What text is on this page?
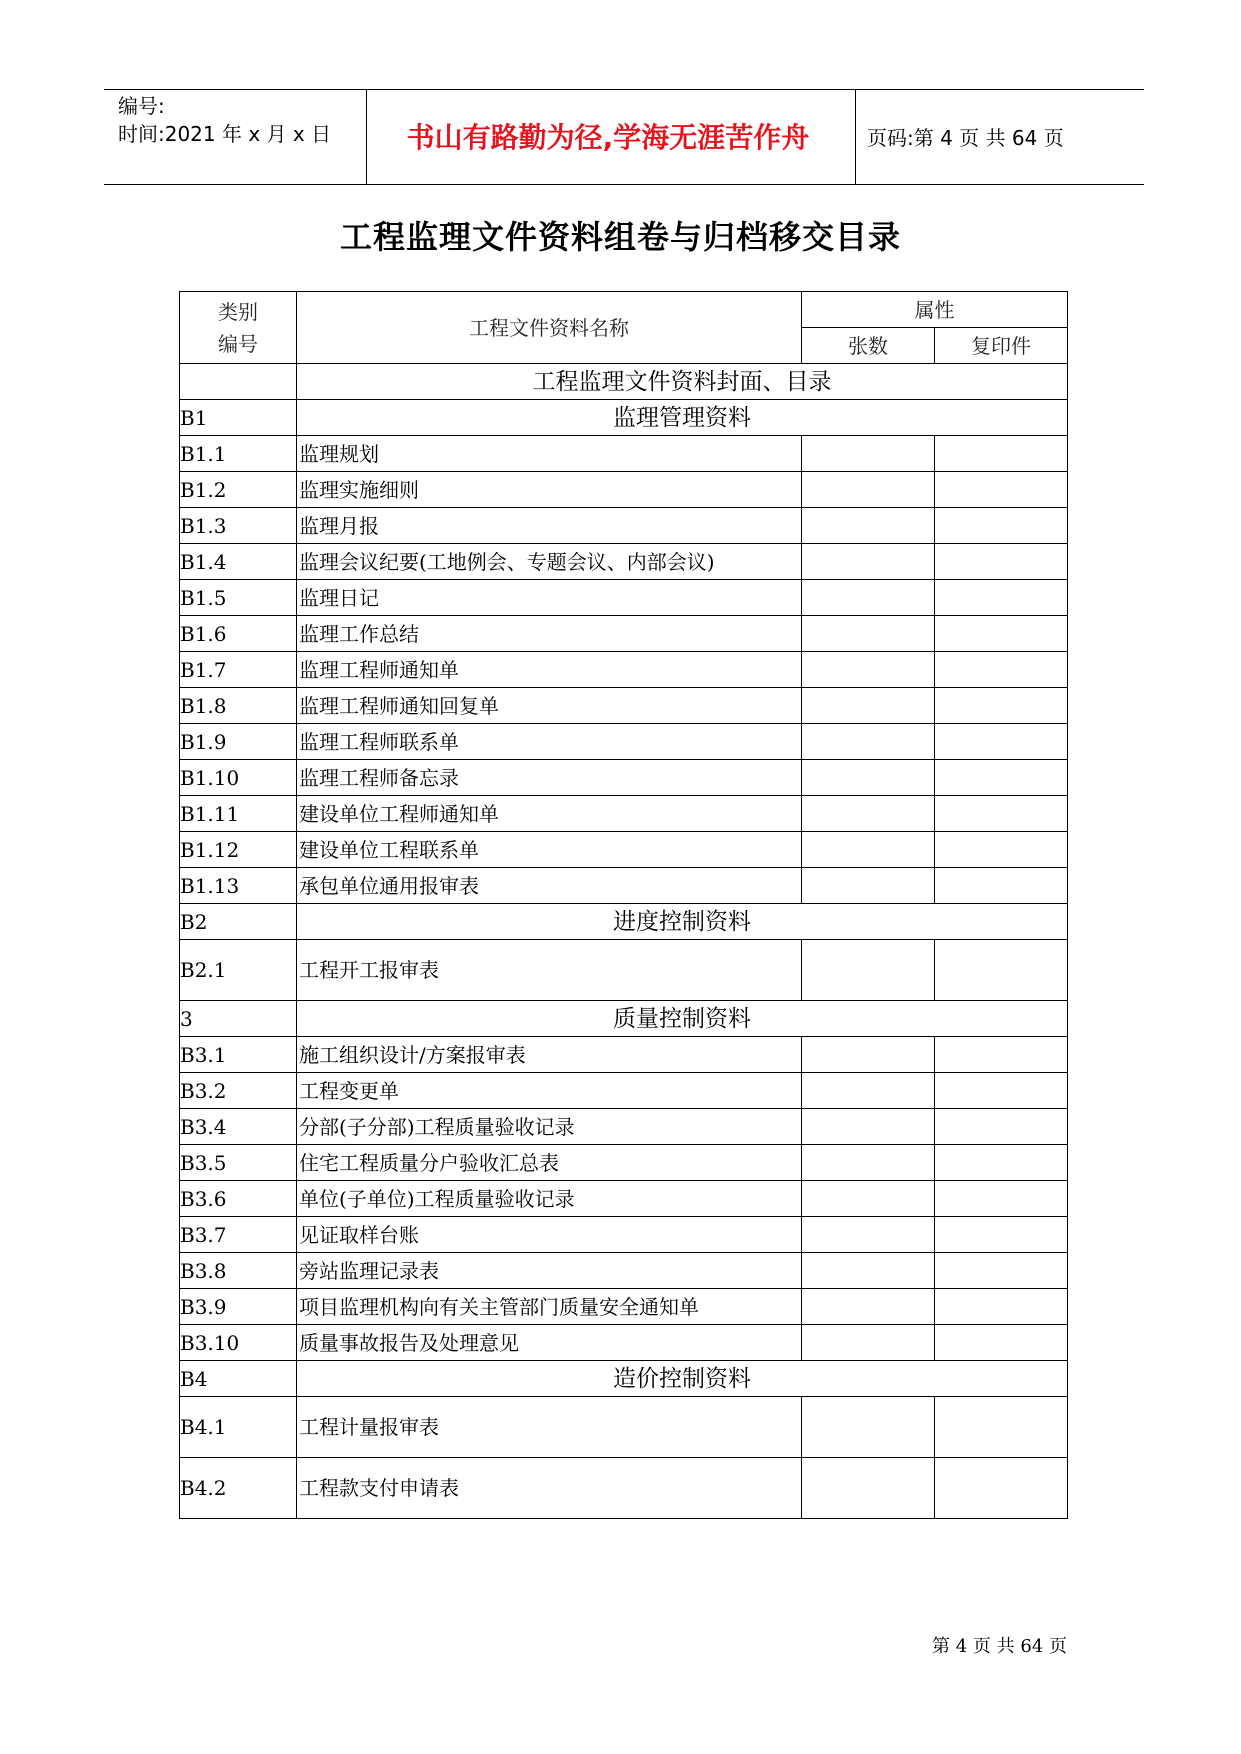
编号:
时间:2021 年 x 月 x 日	书山有路勤为径,学海无涯苦作舟	页码:第 4 页 共 64 页
工程监理文件资料组卷与归档移交目录
类别
编号	工程文件资料名称	属性	
		张数	复印件
	工程监理文件资料封面、目录		
B1	监理管理资料		
B1.1	监理规划		
B1.2	监理实施细则		
B1.3	监理月报		
B1.4	监理会议纪要(工地例会、专题会议、内部会议)		
B1.5	监理日记		
B1.6	监理工作总结		
B1.7	监理工程师通知单		
B1.8	监理工程师通知回复单		
B1.9	监理工程师联系单		
B1.10	监理工程师备忘录		
B1.11	建设单位工程师通知单		
B1.12	建设单位工程联系单		
B1.13	承包单位通用报审表		
B2	进度控制资料		
B2.1	工程开工报审表		
3	质量控制资料		
B3.1	施工组织设计/方案报审表		
B3.2	工程变更单		
B3.4	分部(子分部)工程质量验收记录		
B3.5	住宅工程质量分户验收汇总表		
B3.6	单位(子单位)工程质量验收记录		
B3.7	见证取样台账		
B3.8	旁站监理记录表		
B3.9	项目监理机构向有关主管部门质量安全通知单		
B3.10	质量事故报告及处理意见		
B4	造价控制资料		
B4.1	工程计量报审表		
B4.2	工程款支付申请表		
第 4 页 共 64 页
